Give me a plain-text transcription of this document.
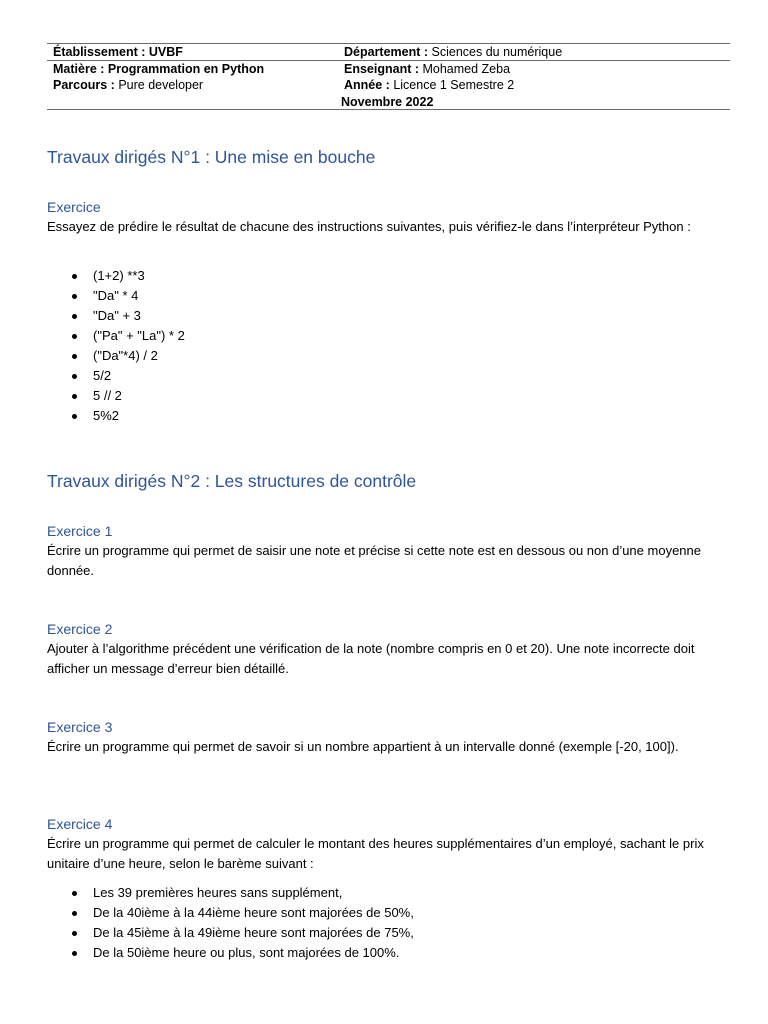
Établissement : UVBF	Département : Sciences du numérique
Matière : Programmation en Python	Enseignant : Mohamed Zeba
Parcours : Pure developer	Année : Licence 1 Semestre 2
Novembre 2022
Travaux dirigés N°1 : Une mise en bouche
Exercice
Essayez de prédire le résultat de chacune des instructions suivantes, puis vérifiez-le dans l’interpréteur Python :
(1+2) **3
"Da" * 4
"Da" + 3
("Pa" + "La") * 2
("Da"*4) / 2
5/2
5 // 2
5%2
Travaux dirigés N°2 : Les structures de contrôle
Exercice 1
Écrire un programme qui permet de saisir une note et précise si cette note est en dessous ou non d’une moyenne donnée.
Exercice 2
Ajouter à l’algorithme précédent une vérification de la note (nombre compris en 0 et 20). Une note incorrecte doit afficher un message d’erreur bien détaillé.
Exercice 3
Écrire un programme qui permet de savoir si un nombre appartient à un intervalle donné (exemple [-20, 100]).
Exercice 4
Écrire un programme qui permet de calculer le montant des heures supplémentaires d’un employé, sachant le prix unitaire d’une heure, selon le barème suivant :
Les 39 premières heures sans supplément,
De la 40ième à la 44ième heure sont majorées de 50%,
De la 45ième à la 49ième heure sont majorées de 75%,
De la 50ième heure ou plus, sont majorées de 100%.
